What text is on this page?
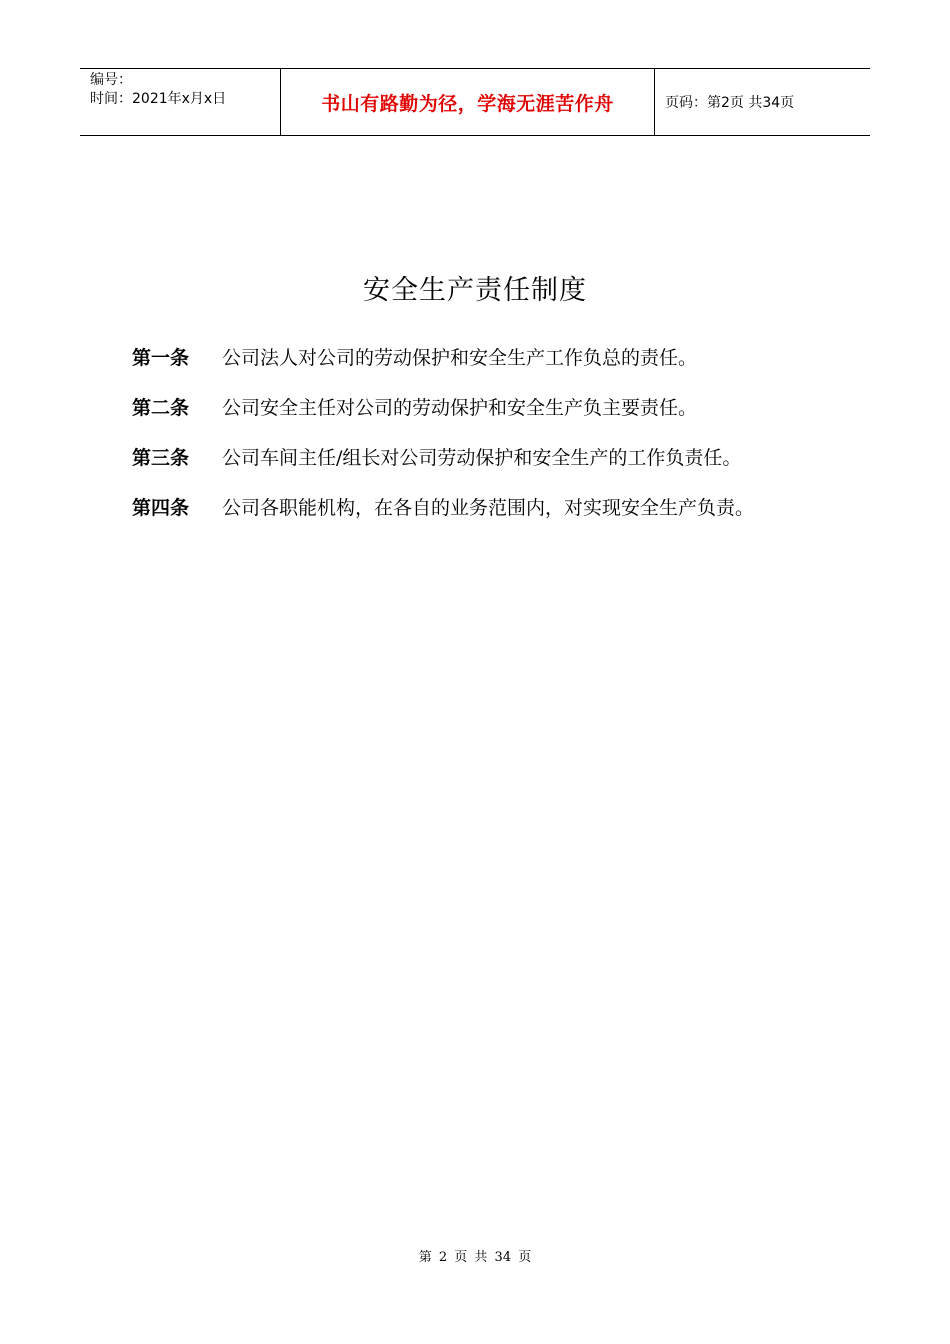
编号：
时间：2021年x月x日	书山有路勤为径，学海无涯苦作舟	页码：第2页 共34页
安全生产责任制度
第一条	公司法人对公司的劳动保护和安全生产工作负总的责任。
第二条	公司安全主任对公司的劳动保护和安全生产负主要责任。
第三条	公司车间主任/组长对公司劳动保护和安全生产的工作负责任。
第四条	公司各职能机构，在各自的业务范围内，对实现安全生产负责。
第 2 页 共 34 页
